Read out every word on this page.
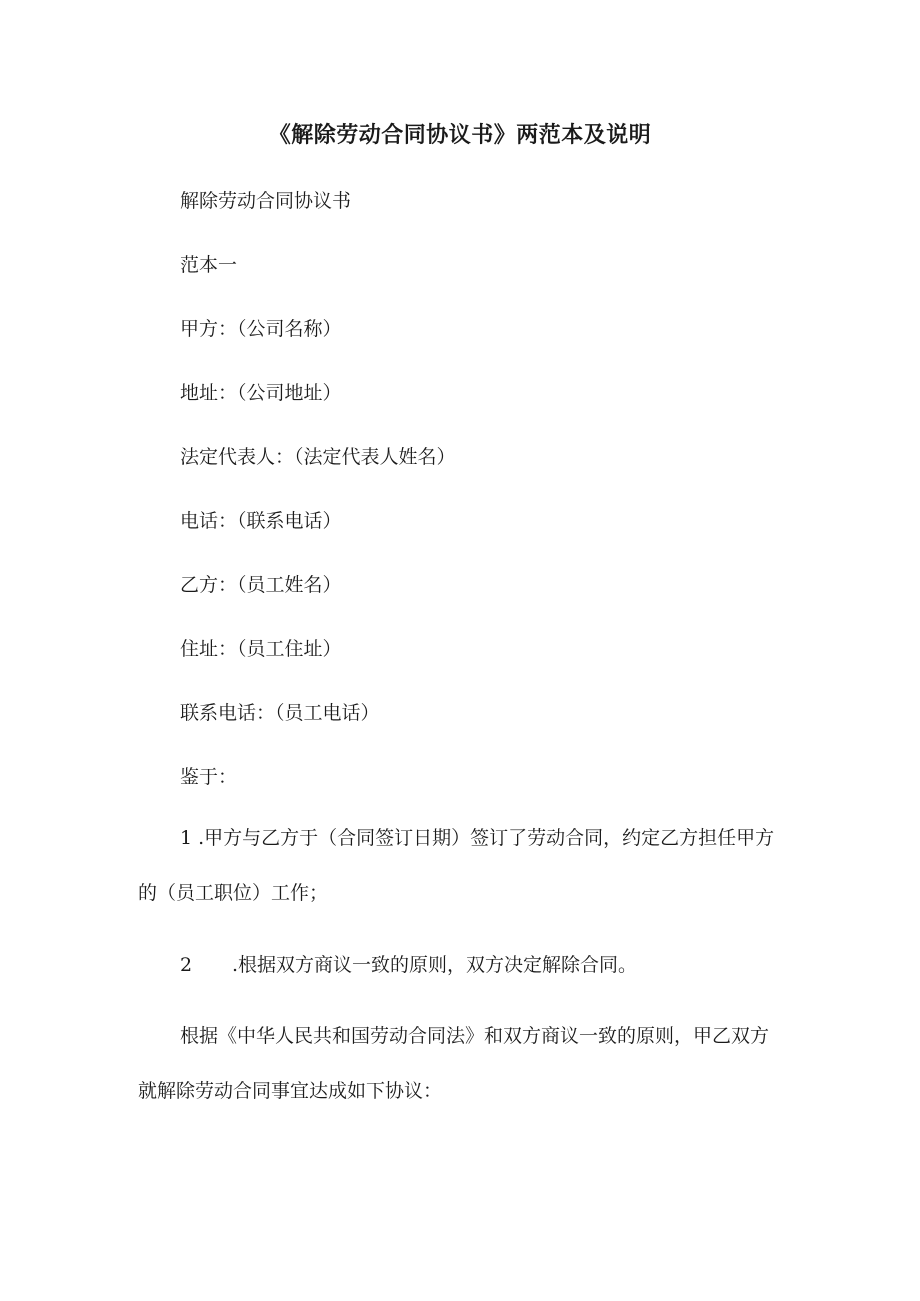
《解除劳动合同协议书》两范本及说明

解除劳动合同协议书

范本一

甲方：（公司名称）

地址：（公司地址）

法定代表人：（法定代表人姓名）

电话：（联系电话）

乙方：（员工姓名）

住址：（员工住址）

联系电话：（员工电话）

鉴于：

1 .甲方与乙方于（合同签订日期）签订了劳动合同，约定乙方担任甲方的（员工职位）工作；

2 .根据双方商议一致的原则，双方决定解除合同。

根据《中华人民共和国劳动合同法》和双方商议一致的原则，甲乙双方就解除劳动合同事宜达成如下协议：
